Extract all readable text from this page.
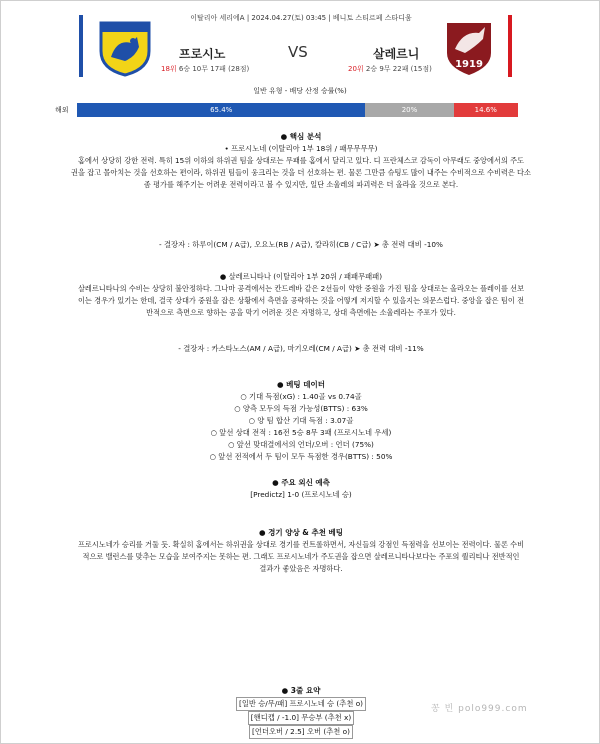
이탈리아 세리에A | 2024.04.27(토) 03:45 | 베니토 스티르페 스타디움
1919
프로시노	VS	살레르니
18위 6승 10무 17패 (28점)	20위 2승 9무 22패 (15점)
일반 유형 - 배당 산정 승률(%)
65.4%	20%	14.6%
해외
● 핵심 분석
• 프로시노네 (이탈리아 1부 18위 / 패무무무무)

홈에서 상당히 강한 전력. 특히 15위 이하의 하위권 팀을 상대로는 무패를 홈에서 달리고 있다. 디 프란체스코 감독이 아무래도 중앙에서의 주도

권을 잡고 몰아치는 것을 선호하는 편이라, 하위권 팀들이 웅크리는 것을 더 선호하는 편. 물론 그만큼 슈팅도 많이 내주는 수비적으로 수비력은 다소

좀 평가를 해주기는 어려운 전력이라고 볼 수 있지만, 일단 소울레의 파괴력은 더 올라올 것으로 본다.

- 결장자 : 하루이(CM / A급), 오요노(RB / A급), 칼라히(CB / C급) ➤ 총 전력 대비 -10%
● 살레르니타나 (이탈리아 1부 20위 / 패패무패패)

살레르니타나의 수비는 상당히 불안정하다. 그나마 공격에서는 칸드레바 같은 2선들이 약한 중원을 가진 팀을 상대로는 올라오는 플레이를 선보

이는 경우가 있기는 한데, 결국 상대가 중원을 잡은 상황에서 측면을 공략하는 것을 어떻게 저지할 수 있을지는 의문스럽다. 중앙을 잡은 팀이 전

반적으로 측면으로 향하는 공을 막기 어려운 것은 자명하고, 상대 측면에는 소울레라는 주포가 있다.

- 결장자 : 카스타노스(AM / A급), 마기오레(CM / A급) ➤ 총 전력 대비 -11%
● 베팅 데이터
○ 기대 득점(xG) : 1.40골 vs 0.74골
○ 양측 모두의 득점 가능성(BTTS) : 63%
○ 양 팀 합산 기대 득점 : 3.07골
○ 앞선 상대 전적 : 16전 5승 8무 3패 (프로시노네 우세)
○ 앞선 맞대결에서의 언더/오버 : 언더 (75%)
○ 앞선 전적에서 두 팀이 모두 득점한 경우(BTTS) : 50%
● 주요 외신 예측
[Predictz] 1-0 (프로시노네 승)
● 경기 양상 & 추천 베팅

프로시노네가 승리를 거둘 듯. 확실히 홈에서는 하위권을 상대로 경기를 컨트롤하면서, 자신들의 강점인 득점력을 선보이는 전력이다. 물론 수비

적으로 밸런스를 맞추는 모습을 보여주지는 못하는 편. 그래도 프로시노네가 주도권을 잡으면 살레르니타나보다는 주포의 퀄리티나 전반적인

결과가 좋았음은 자명하다.

● 3줄 요약
[일반 승/무/패] 프로시노네 승 (추천 o)
[핸디캡 / -1.0] 무승부 (추천 x)
[언더오버 / 2.5] 오버 (추천 o)
꽁 빈 polo999.com
